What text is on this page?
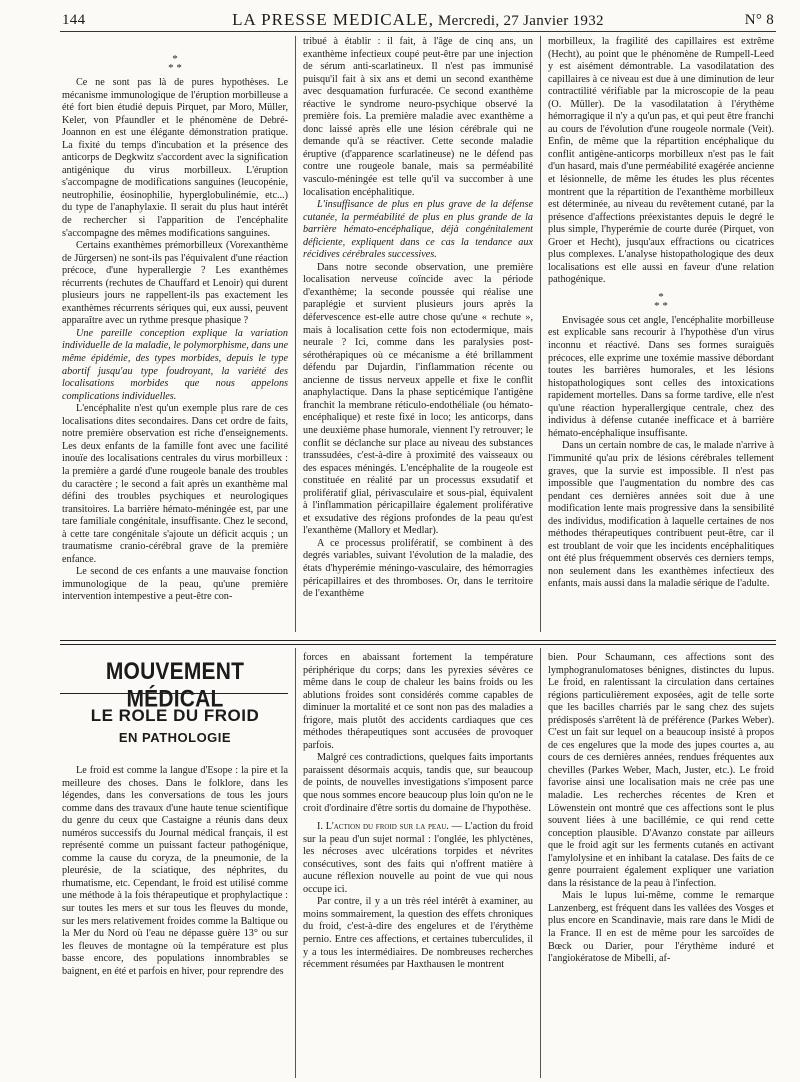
144	LA PRESSE MEDICALE, Mercredi, 27 Janvier 1932	N° 8
*
* *

Ce ne sont pas là de pures hypothèses. Le mécanisme immunologique de l'éruption morbilleuse a été fort bien étudié depuis Pirquet, par Moro, Müller, Keler, von Pfaundler et le phénomène de Debré-Joannon en est une élégante démonstration pratique. La fixité du temps d'incubation et la présence des anticorps de Degkwitz s'accordent avec la signification antigénique du virus morbilleux. L'éruption s'accompagne de modifications sanguines (leucopénie, neutrophilie, éosinophilie, hyperglobulinémie, etc...) du type de l'anaphylaxie. Il serait du plus haut intérêt de rechercher si l'apparition de l'encéphalite s'accompagne des mêmes modifications sanguines.

Certains exanthèmes prémorbilleux (Vorexanthème de Jürgersen) ne sont-ils pas l'équivalent d'une réaction précoce, d'une hyperallergie ? Les exanthèmes récurrents (rechutes de Chauffard et Lenoir) qui durent plusieurs jours ne rappellent-ils pas exactement les exanthèmes récurrents sériques qui, eux aussi, peuvent apparaître avec un rythme presque phasique ?

Une pareille conception explique la variation individuelle de la maladie, le polymorphisme, dans une même épidémie, des types morbides, depuis le type abortif jusqu'au type foudroyant, la variété des localisations morbides que nous appelons complications individuelles.

L'encéphalite n'est qu'un exemple plus rare de ces localisations dites secondaires. Dans cet ordre de faits, notre première observation est riche d'enseignements. Les deux enfants de la famille font avec une facilité inouïe des localisations centrales du virus morbilleux : la première a gardé d'une rougeole banale des troubles du caractère ; le second a fait après un exanthème mal défini des troubles psychiques et neurologiques transitoires. La barrière hémato-méningée est, par une tare familiale congénitale, insuffisante. Chez le second, à cette tare congénitale s'ajoute un déficit acquis ; un traumatisme cranio-cérébral grave de la première enfance.

Le second de ces enfants a une mauvaise fonction immunologique de la peau, qu'une première intervention intempestive a peut-être con-

tribué à établir : il fait, à l'âge de cinq ans, un exanthème infectieux coupé peut-être par une injection de sérum anti-scarlatineux. Il n'est pas immunisé puisqu'il fait à six ans et demi un second exanthème avec desquamation furfuracée. Ce second exanthème réactive le syndrome neuro-psychique observé la première fois. La première maladie avec exanthème a donc laissé après elle une lésion cérébrale qui ne demande qu'à se réactiver. Cette seconde maladie éruptive (d'apparence scarlatineuse) ne le défend pas contre une rougeole banale, mais sa perméabilité vasculo-méningée est telle qu'il va succomber à une localisation encéphalitique.

L'insuffisance de plus en plus grave de la défense cutanée, la perméabilité de plus en plus grande de la barrière hémato-encéphalique, déjà congénitalement déficiente, expliquent dans ce cas la tendance aux récidives cérébrales successives.

Dans notre seconde observation, une première localisation nerveuse coïncide avec la période d'exanthème; la seconde poussée qui réalise une paraplégie et survient plusieurs jours après la défervescence est-elle autre chose qu'une « rechute », mais à localisation cette fois non ectodermique, mais neurale ? Ici, comme dans les paralysies post-sérothérapiques où ce mécanisme a été brillamment défendu par Dujardin, l'inflammation récente ou ancienne de tissus nerveux appelle et fixe le conflit anaphylactique. Dans la phase septicémique l'antigène franchit la membrane réticulo-endothéliale (ou hémato-encéphalique) et reste fixé in loco; les anticorps, dans une deuxième phase humorale, viennent l'y retrouver; le conflit se déclanche sur place au niveau des substances transsudées, c'est-à-dire à proximité des vaisseaux ou des espaces méningés. L'encéphalite de la rougeole est constituée en réalité par un processus exsudatif et prolifératif glial, périvasculaire et sous-pial, équivalent à l'inflammation péricapillaire également proliférative et exsudative des régions profondes de la peau qu'est l'exanthème (Mallory et Medlar).

A ce processus prolifératif, se combinent à des degrés variables, suivant l'évolution de la maladie, des états d'hyperémie méningo-vasculaire, des hémorragies péricapillaires et des thromboses. Or, dans le territoire de l'exanthème

morbilleux, la fragilité des capillaires est extrême (Hecht), au point que le phénomène de Rumpell-Leed y est aisément démontrable. La vasodilatation des capillaires à ce niveau est due à une diminution de leur contractilité vérifiable par la microscopie de la peau (O. Müller). De la vasodilatation à l'érythème hémorragique il n'y a qu'un pas, et qui peut être franchi au cours de l'évolution d'une rougeole normale (Veit). Enfin, de même que la répartition encéphalique du conflit antigène-anticorps morbilleux n'est pas le fait d'un hasard, mais d'une perméabilité exagérée ancienne et lésionnelle, de même les études les plus récentes montrent que la répartition de l'exanthème morbilleux est déterminée, au niveau du revêtement cutané, par la présence d'affections préexistantes depuis le degré le plus simple, l'hyperémie de courte durée (Pirquet, von Groer et Hecht), jusqu'aux effractions ou cicatrices plus complexes. L'analyse histopathologique des deux localisations est elle aussi en faveur d'une relation pathogénique.

*
* *

Envisagée sous cet angle, l'encéphalite morbilleuse est explicable sans recourir à l'hypothèse d'un virus inconnu et réactivé. Dans ses formes suraiguës précoces, elle exprime une toxémie massive débordant toutes les barrières humorales, et les lésions histopathologiques sont celles des intoxications rapidement mortelles. Dans sa forme tardive, elle n'est qu'une réaction hyperallergique centrale, chez des individus à défense cutanée inefficace et à barrière hémato-encéphalique insuffisante.

Dans un certain nombre de cas, le malade n'arrive à l'immunité qu'au prix de lésions cérébrales tellement graves, que la survie est impossible. Il n'est pas impossible que l'augmentation du nombre des cas pendant ces dernières années soit due à une modification lente mais progressive dans la sensibilité des individus, modification à laquelle certaines de nos méthodes thérapeutiques contribuent peut-être, car il est troublant de voir que les incidents encéphalitiques ont été plus fréquemment observés ces derniers temps, non seulement dans les exanthèmes infectieux des enfants, mais aussi dans la maladie sérique de l'adulte.

MOUVEMENT MÉDICAL
LE ROLE DU FROID
EN PATHOLOGIE

Le froid est comme la langue d'Esope : la pire et la meilleure des choses. Dans le folklore, dans les légendes, dans les conversations de tous les jours comme dans des travaux d'une haute tenue scientifique du genre du ceux que Castaigne a réunis dans deux numéros successifs du Journal médical français, il est représenté comme un puissant facteur pathogénique, comme la cause du coryza, de la pneumonie, de la pleurésie, de la sciatique, des néphrites, du rhumatisme, etc. Cependant, le froid est utilisé comme une méthode à la fois thérapeutique et prophylactique : sur toutes les mers et sur tous les fleuves du monde, sur les mers relativement froides comme la Baltique ou la Mer du Nord où l'eau ne dépasse guère 13° ou sur les fleuves de montagne où la température est plus basse encore, des populations innombrables se baignent, en été et parfois en hiver, pour reprendre des

forces en abaissant fortement la température périphérique du corps; dans les pyrexies sévères ce même dans le coup de chaleur les bains froids ou les ablutions froides sont considérés comme capables de diminuer la mortalité et ce sont non pas des maladies a frigore, mais plutôt des accidents cardiaques que ces méthodes thérapeutiques sont accusées de provoquer parfois.

Malgré ces contradictions, quelques faits importants paraissent désormais acquis, tandis que, sur beaucoup de points, de nouvelles investigations s'imposent parce que nous sommes encore beaucoup plus loin qu'on ne le croit d'ordinaire d'être sortis du domaine de l'hypothèse.

I. L'action du froid sur la peau. — L'action du froid sur la peau d'un sujet normal : l'onglée, les phlyctènes, les nécroses avec ulcérations torpides et névrites consécutives, sont des faits qui n'offrent matière à aucune réflexion nouvelle au point de vue qui nous occupe ici.

Par contre, il y a un très réel intérêt à examiner, au moins sommairement, la question des effets chroniques du froid, c'est-à-dire des engelures et de l'érythème pernio. Entre ces affections, et certaines tuberculides, il y a tous les intermédiaires. De nombreuses recherches récemment résumées par Haxthausen le montrent

bien. Pour Schaumann, ces affections sont des lymphogranulomatoses bénignes, distinctes du lupus. Le froid, en ralentissant la circulation dans certaines régions particulièrement exposées, agit de telle sorte que les bacilles charriés par le sang chez des sujets prédisposés s'arrêtent là de préférence (Parkes Weber). C'est un fait sur lequel on a beaucoup insisté à propos de ces engelures que la mode des jupes courtes a, au cours de ces dernières années, rendues fréquentes aux chevilles (Parkes Weber, Mach, Juster, etc.). Le froid favorise ainsi une localisation mais ne crée pas une maladie. Les recherches récentes de Kren et Löwenstein ont montré que ces affections sont le plus souvent liées à une bacillémie, ce qui rend cette conception plausible. D'Avanzo constate par ailleurs que le froid agit sur les ferments cutanés en activant l'amylolysine et en inhibant la catalase. Des faits de ce genre pourraient également expliquer une variation dans la résistance de la peau à l'infection.

Mais le lupus lui-même, comme le remarque Lanzenberg, est fréquent dans les vallées des Vosges et plus encore en Scandinavie, mais rare dans le Midi de la France. Il en est de même pour les sarcoïdes de Bœck ou Darier, pour l'érythème induré et l'angiokératose de Mibelli, af-
